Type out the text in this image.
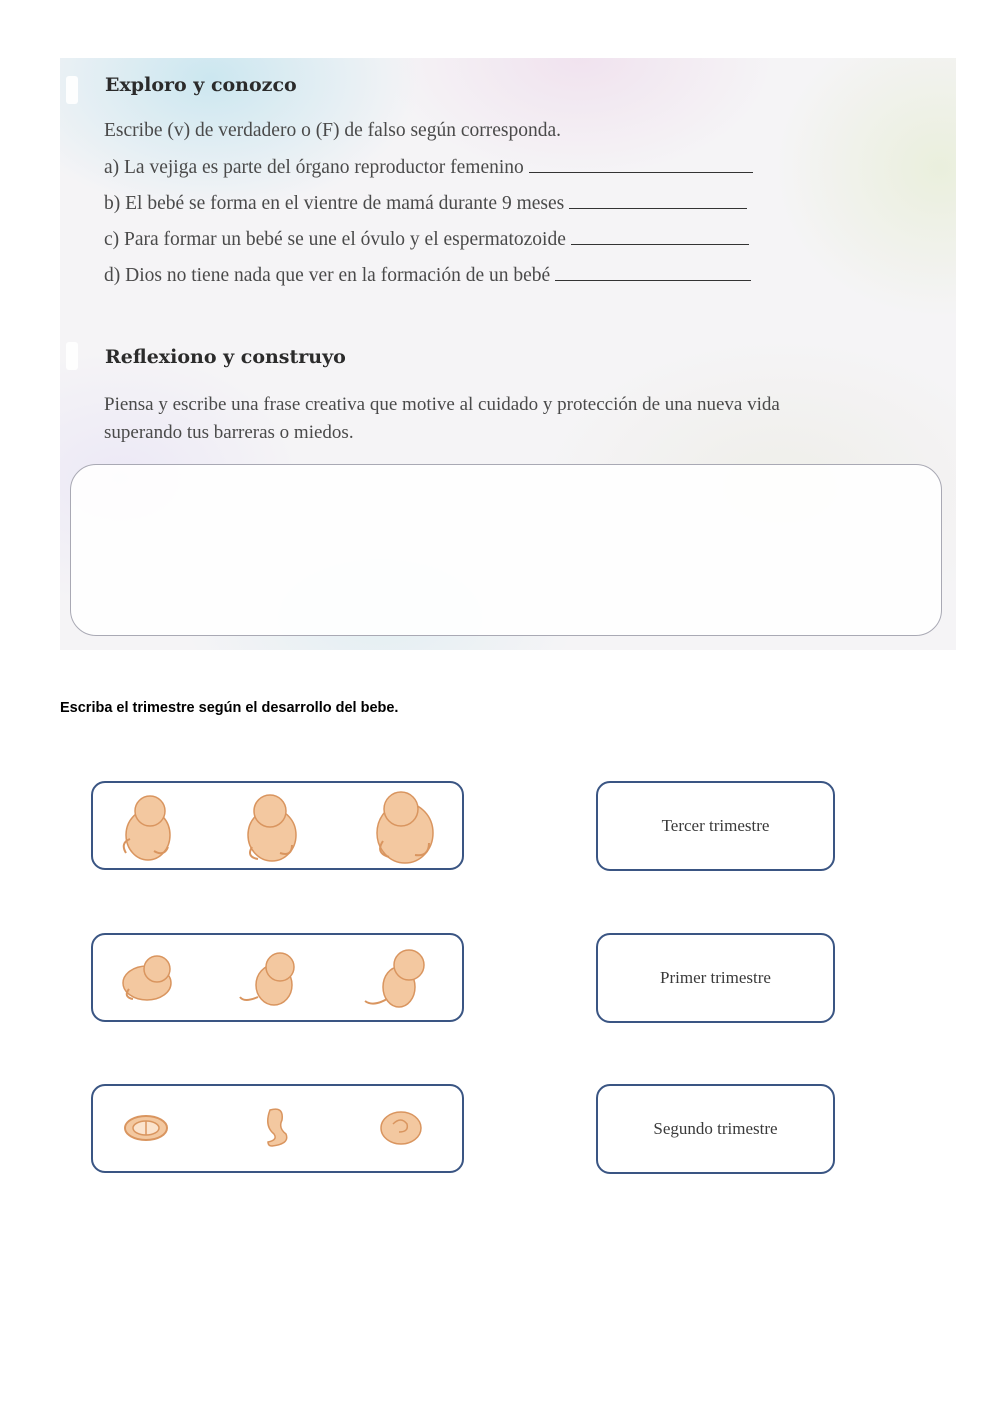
Exploro y conozco
Escribe (v) de verdadero o (F) de falso según corresponda.
a) La vejiga es parte del órgano reproductor femenino
b) El bebé se forma en el vientre de mamá durante 9 meses
c) Para formar un bebé se une el óvulo y el espermatozoide
d) Dios no tiene nada que ver en la formación de un bebé
Reflexiono y construyo
Piensa y escribe una frase creativa que motive al cuidado y protección de una nueva vida
superando tus barreras o miedos.
Escriba el trimestre según el desarrollo del bebe.
Tercer trimestre
Primer trimestre
Segundo trimestre
